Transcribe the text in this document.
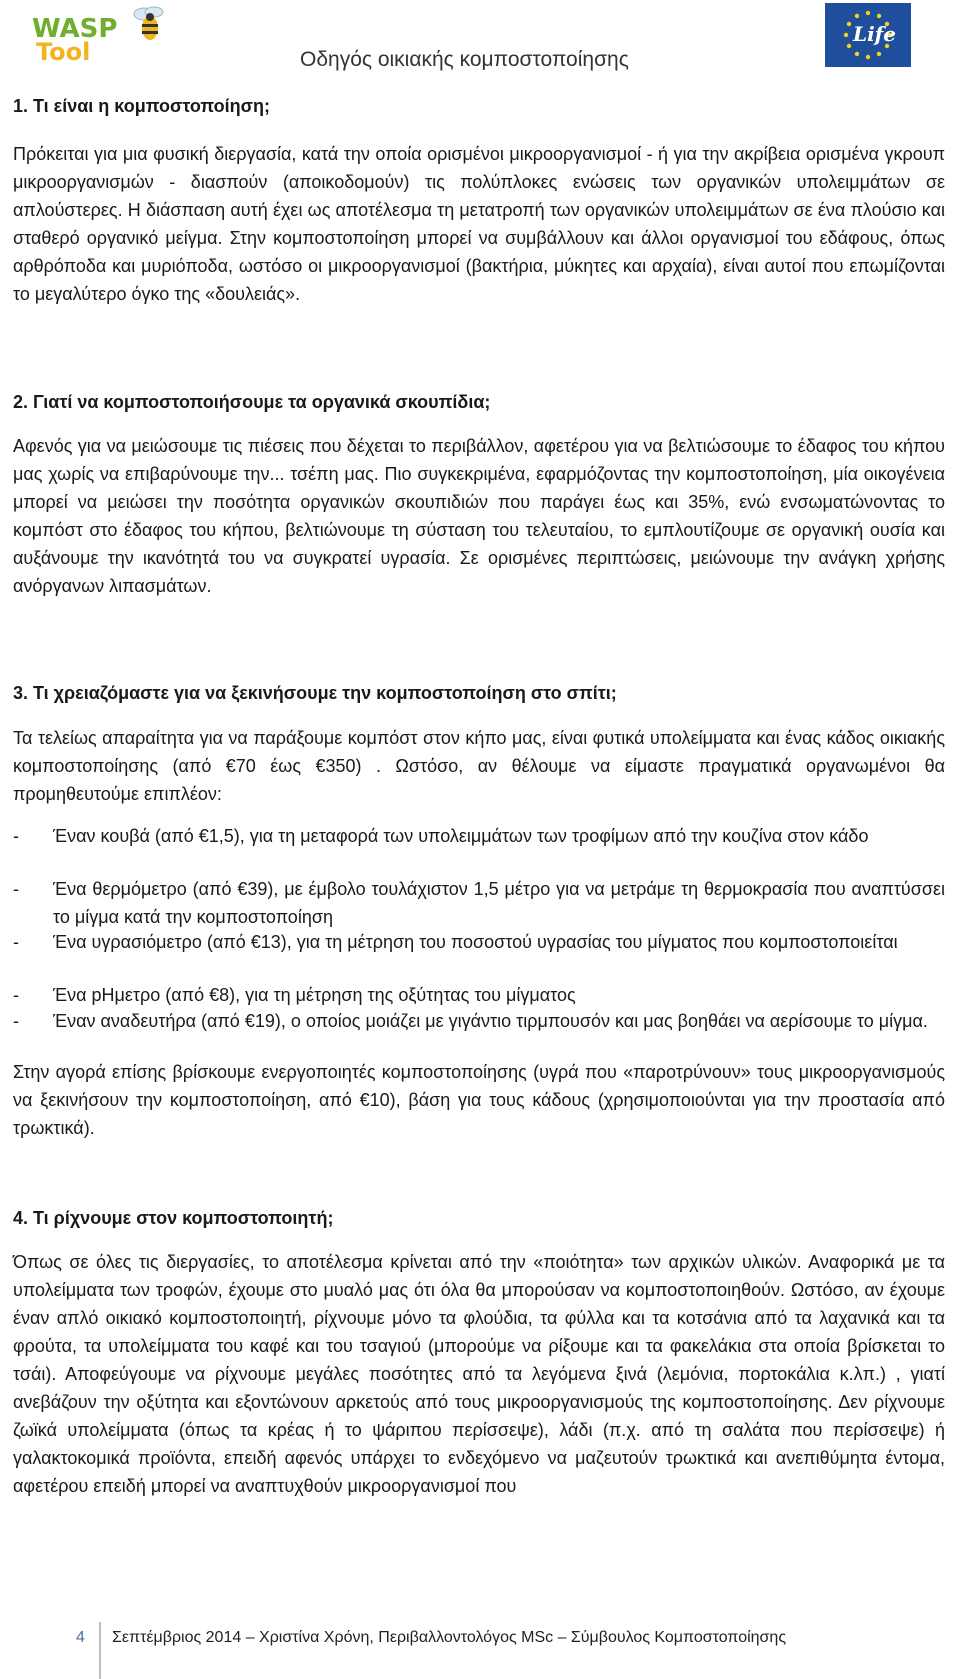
WASP
Tool
Life
Οδηγός οικιακής κομποστοποίησης
1. Τι είναι η κομποστοποίηση;
Πρόκειται για μια φυσική διεργασία, κατά την οποία ορισμένοι μικροοργανισμοί - ή για την ακρίβεια ορισμένα γκρουπ μικροοργανισμών - διασπούν (αποικοδομούν) τις πολύπλοκες ενώσεις των οργανικών υπολειμμάτων σε απλούστερες. Η διάσπαση αυτή έχει ως αποτέλεσμα τη μετατροπή των οργανικών υπολειμμάτων σε ένα πλούσιο και σταθερό οργανικό μείγμα. Στην κομποστοποίηση μπορεί να συμβάλλουν και άλλοι οργανισμοί του εδάφους, όπως αρθρόποδα και μυριόποδα, ωστόσο οι μικροοργανισμοί (βακτήρια, μύκητες και αρχαία), είναι αυτοί που επωμίζονται το μεγαλύτερο όγκο της «δουλειάς».
2. Γιατί να κομποστοποιήσουμε τα οργανικά σκουπίδια;
Αφενός για να μειώσουμε τις πιέσεις που δέχεται το περιβάλλον, αφετέρου για να βελτιώσουμε το έδαφος του κήπου μας χωρίς να επιβαρύνουμε την... τσέπη μας. Πιο συγκεκριμένα, εφαρμόζοντας την κομποστοποίηση, μία οικογένεια μπορεί να μειώσει την ποσότητα οργανικών σκουπιδιών που παράγει έως και 35%, ενώ ενσωματώνοντας το κομπόστ στο έδαφος του κήπου, βελτιώνουμε τη σύσταση του τελευταίου, το εμπλουτίζουμε σε οργανική ουσία και αυξάνουμε την ικανότητά του να συγκρατεί υγρασία. Σε ορισμένες περιπτώσεις, μειώνουμε την ανάγκη χρήσης ανόργανων λιπασμάτων.
3. Τι χρειαζόμαστε για να ξεκινήσουμε την κομποστοποίηση στο σπίτι;
Τα τελείως απαραίτητα για να παράξουμε κομπόστ στον κήπο μας, είναι φυτικά υπολείμματα και ένας κάδος οικιακής κομποστοποίησης (από €70 έως €350) . Ωστόσο, αν θέλουμε να είμαστε πραγματικά οργανωμένοι θα προμηθευτούμε επιπλέον:
-	Έναν κουβά (από €1,5), για τη μεταφορά των υπολειμμάτων των τροφίμων από την κουζίνα στον κάδο
-	Ένα θερμόμετρο (από €39), με έμβολο τουλάχιστον 1,5 μέτρο για να μετράμε τη θερμοκρασία που αναπτύσσει το μίγμα κατά την κομποστοποίηση
-	Ένα υγρασιόμετρο (από €13), για τη μέτρηση του ποσοστού υγρασίας του μίγματος που κομποστοποιείται
-	Ένα pHμετρο (από €8), για τη μέτρηση της οξύτητας του μίγματος
-	Έναν αναδευτήρα (από €19), ο οποίος μοιάζει με γιγάντιο τιρμπουσόν και μας βοηθάει να αερίσουμε το μίγμα.
Στην αγορά επίσης βρίσκουμε ενεργοποιητές κομποστοποίησης (υγρά που «παροτρύνουν» τους μικροοργανισμούς να ξεκινήσουν την κομποστοποίηση, από €10), βάση για τους κάδους (χρησιμοποιούνται για την προστασία από τρωκτικά).
4. Τι ρίχνουμε στον κομποστοποιητή;
Όπως σε όλες τις διεργασίες, το αποτέλεσμα κρίνεται από την «ποιότητα» των αρχικών υλικών. Αναφορικά με τα υπολείμματα των τροφών, έχουμε στο μυαλό μας ότι όλα θα μπορούσαν να κομποστοποιηθούν. Ωστόσο, αν έχουμε έναν απλό οικιακό κομποστοποιητή, ρίχνουμε μόνο τα φλούδια, τα φύλλα και τα κοτσάνια από τα λαχανικά και τα φρούτα, τα υπολείμματα του καφέ και του τσαγιού (μπορούμε να ρίξουμε και τα φακελάκια στα οποία βρίσκεται το τσάι). Αποφεύγουμε να ρίχνουμε μεγάλες ποσότητες από τα λεγόμενα ξινά (λεμόνια, πορτοκάλια κ.λπ.) , γιατί ανεβάζουν την οξύτητα και εξοντώνουν αρκετούς από τους μικροοργανισμούς της κομποστοποίησης. Δεν ρίχνουμε ζωϊκά υπολείμματα (όπως τα κρέας ή το ψάριπου περίσσεψε), λάδι (π.χ. από τη σαλάτα που περίσσεψε) ή γαλακτοκομικά προϊόντα, επειδή αφενός υπάρχει το ενδεχόμενο να μαζευτούν τρωκτικά και ανεπιθύμητα έντομα, αφετέρου επειδή μπορεί να αναπτυχθούν μικροοργανισμοί που
4 Σεπτέμβριος 2014 – Χριστίνα Χρόνη, Περιβαλλοντολόγος MSc – Σύμβουλος Κομποστοποίησης
